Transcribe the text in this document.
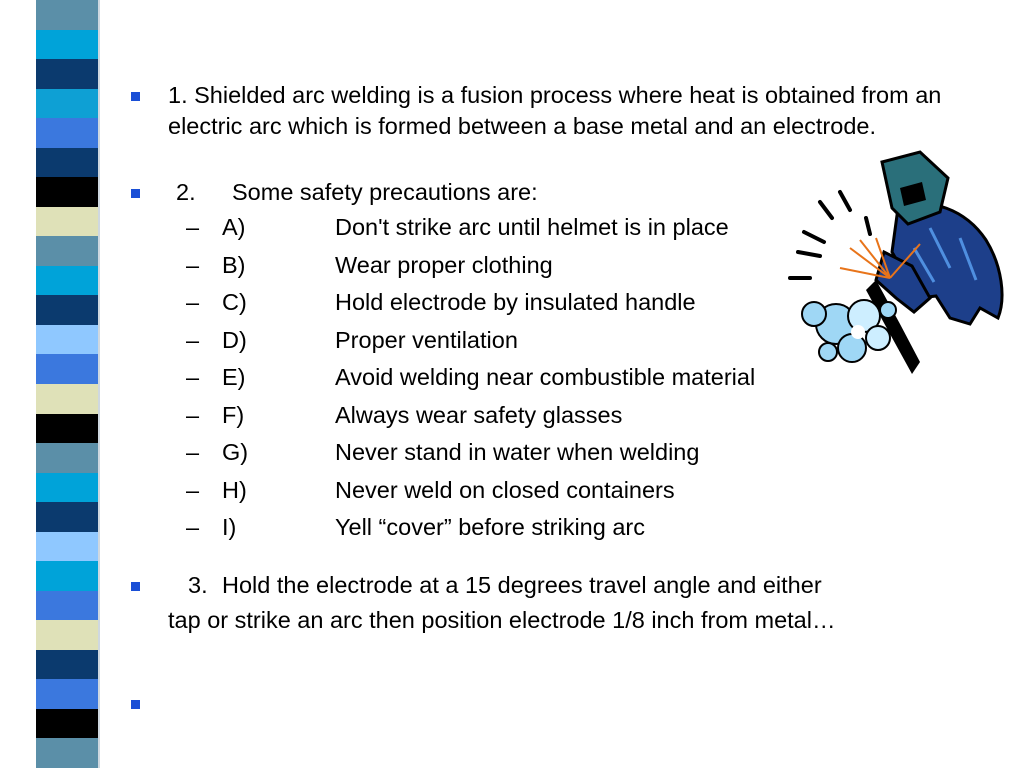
1. Shielded arc welding is a fusion process where heat is obtained from an electric arc which is formed between a base metal and an electrode.
2. Some safety precautions are:
– A)	Don't strike arc until helmet is in place
– B)	Wear proper clothing
– C)	Hold electrode by insulated handle
– D)	Proper ventilation
– E)	Avoid welding near combustible material
– F)	Always wear safety glasses
– G)	Never stand in water when welding
– H)	Never weld on closed containers
– I)	Yell “cover” before striking arc
3. Hold the electrode at a 15 degrees travel angle and either
tap or strike an arc then position electrode 1/8 inch from metal…
